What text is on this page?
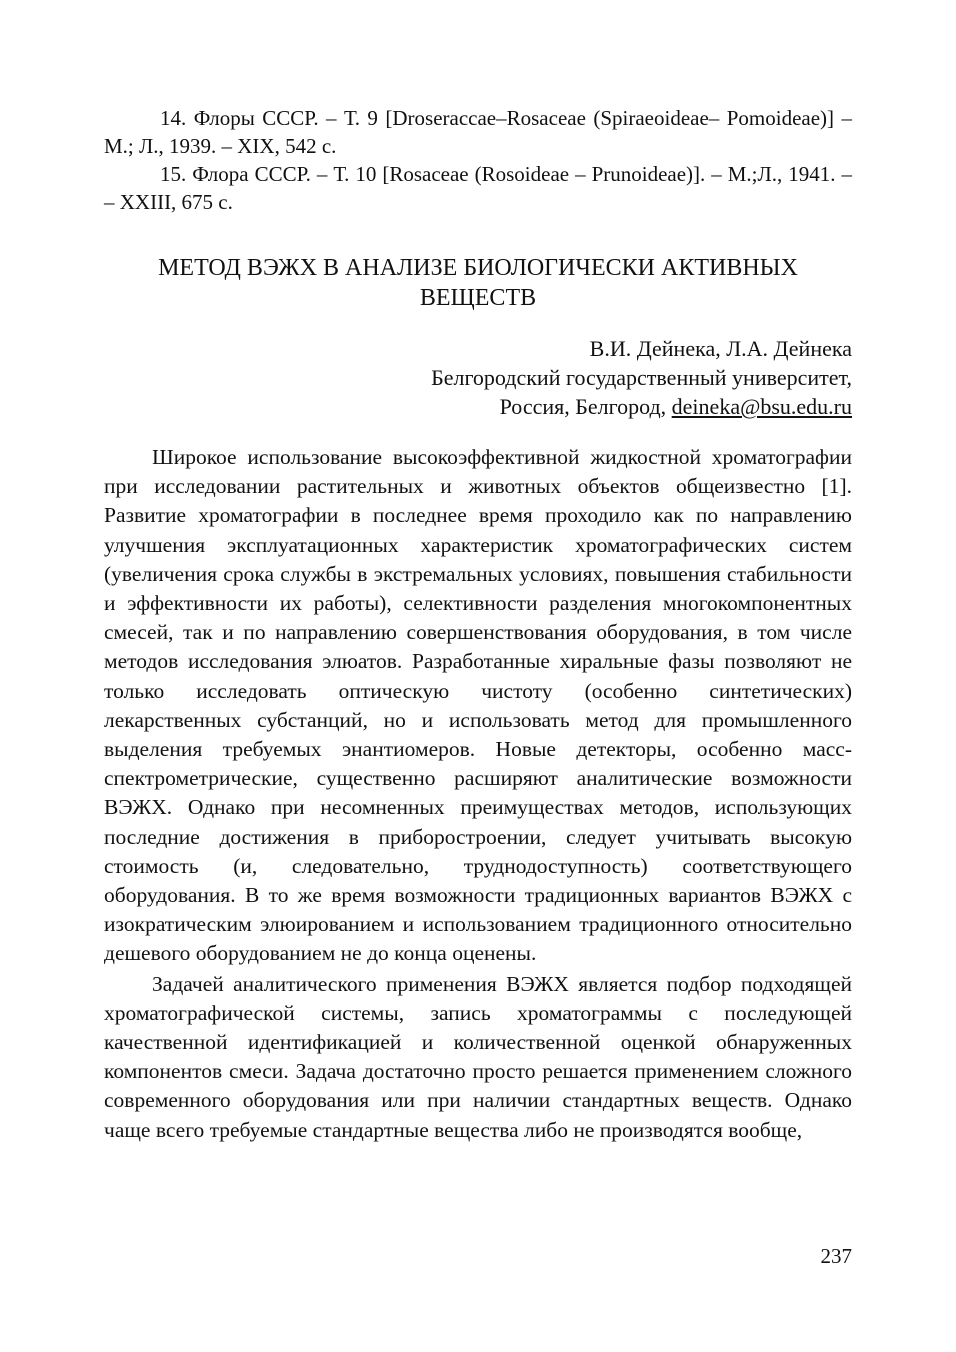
14. Флоры СССР. – Т. 9 [Droseraccae–Rosaceae (Spiraeoideae– Pomoideae)] –М.; Л., 1939. – XIX, 542 с.

15. Флора СССР. – Т. 10 [Rosaceae (Rosoideae – Prunoideae)]. – М.;Л., 1941. – – XXIII, 675 с.

МЕТОД ВЭЖХ В АНАЛИЗЕ БИОЛОГИЧЕСКИ АКТИВНЫХ
ВЕЩЕСТВ
В.И. Дейнека, Л.А. Дейнека
Белгородский государственный университет,
Россия, Белгород, deineka@bsu.edu.ru

Широкое использование высокоэффективной жидкостной хроматографии при исследовании растительных и животных объектов общеизвестно [1]. Развитие хроматографии в последнее время проходило как по направлению улучшения эксплуатационных характеристик хроматографических систем (увеличения срока службы в экстремальных условиях, повышения стабильности и эффективности их работы), селективности разделения многокомпонентных смесей, так и по направлению совершенствования оборудования, в том числе методов исследования элюатов. Разработанные хиральные фазы позволяют не только исследовать оптическую чистоту (особенно синтетических) лекарственных субстанций, но и использовать метод для промышленного выделения требуемых энантиомеров. Новые детекторы, особенно масс-спектрометрические, существенно расширяют аналитические возможности ВЭЖХ. Однако при несомненных преимуществах методов, использующих последние достижения в приборостроении, следует учитывать высокую стоимость (и, следовательно, труднодоступность) соответствующего оборудования. В то же время возможности традиционных вариантов ВЭЖХ с изократическим элюированием и использованием традиционного относительно дешевого оборудованием не до конца оценены.

Задачей аналитического применения ВЭЖХ является подбор подходящей хроматографической системы, запись хроматограммы с последующей качественной идентификацией и количественной оценкой обнаруженных компонентов смеси. Задача достаточно просто решается применением сложного современного оборудования или при наличии стандартных веществ. Однако чаще всего требуемые стандартные вещества либо не производятся вообще,

237
